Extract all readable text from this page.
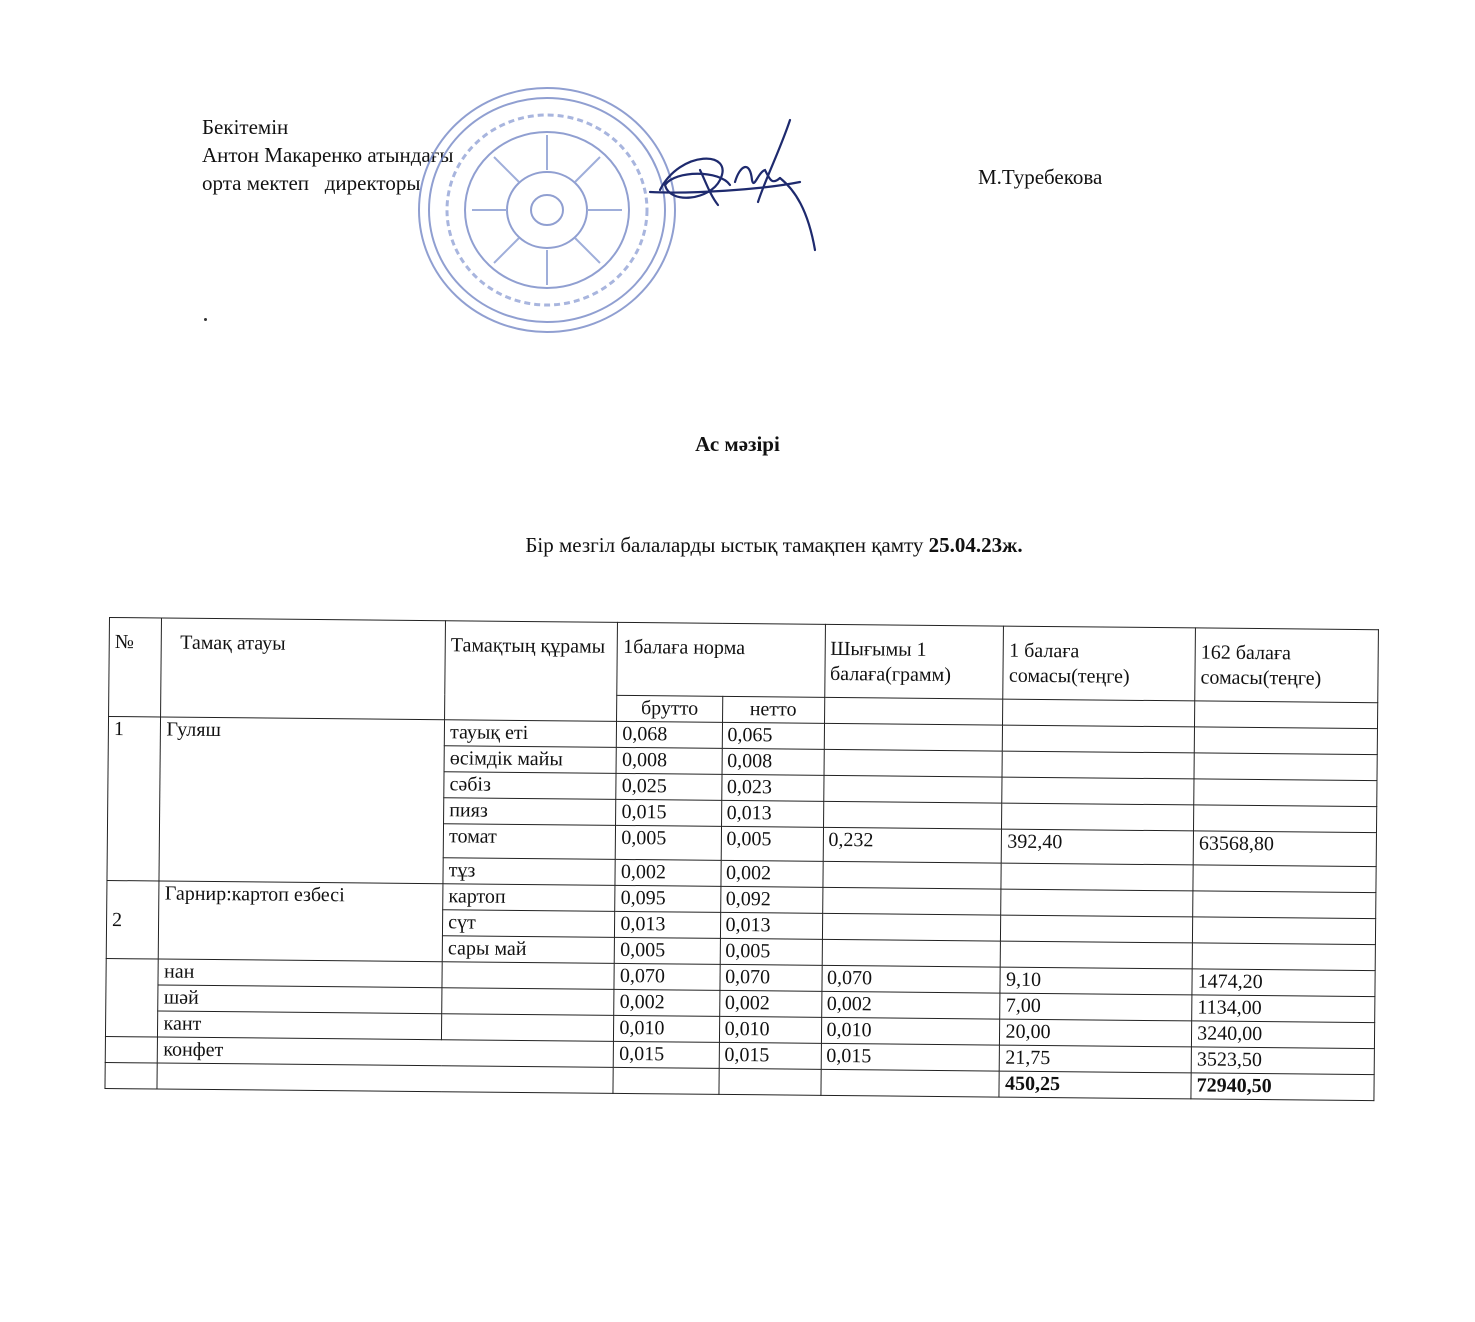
Бекітемін
Антон Макаренко атындағы
орта мектеп   директоры	М.Туребекова
Ас мәзірі
Бір мезгіл балаларды ыстық тамақпен қамту 25.04.23ж.
№	Тамақ атауы	Тамақтың құрамы	1балаға норма		Шығымы 1 балаға(грамм)	1 балаға сомасы(теңге)	162 балаға сомасы(теңге)
			брутто	нетто			
1	Гуляш	тауық еті	0,068	0,065			
		өсімдік майы	0,008	0,008			
		сәбіз	0,025	0,023			
		пияз	0,015	0,013			
		томат	0,005	0,005	0,232	392,40	63568,80
		тұз	0,002	0,002			
2	Гарнир:картоп езбесі	картоп	0,095	0,092			
		сүт	0,013	0,013			
		сары май	0,005	0,005			
	нан		0,070	0,070	0,070	9,10	1474,20
	шәй		0,002	0,002	0,002	7,00	1134,00
	кант		0,010	0,010	0,010	20,00	3240,00
	конфет		0,015	0,015	0,015	21,75	3523,50
						450,25	72940,50
